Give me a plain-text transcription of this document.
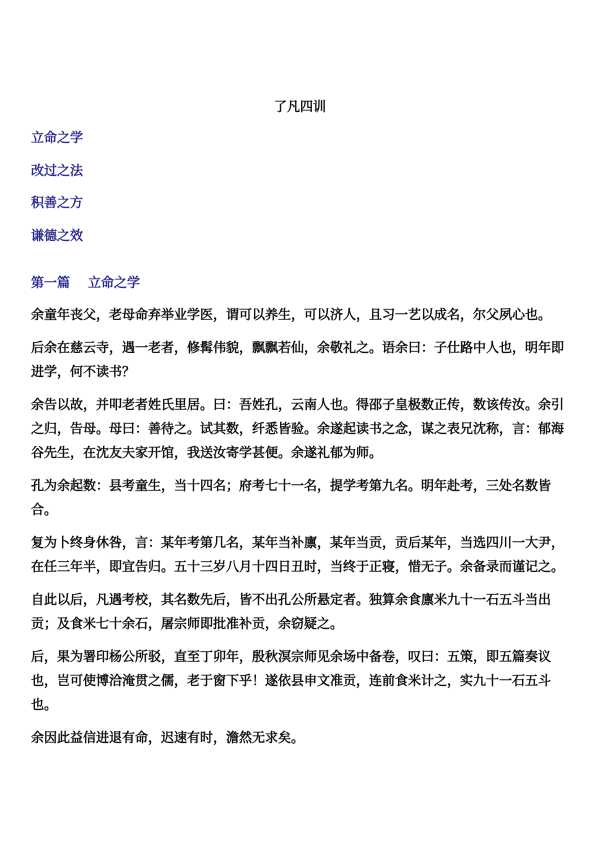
了凡四训
立命之学
改过之法
积善之方
谦德之效
第一篇 立命之学

余童年丧父，老母命弃举业学医，谓可以养生，可以济人，且习一艺以成名，尔父夙心也。

后余在慈云寺，遇一老者，修髯伟貌，飘飘若仙，余敬礼之。语余曰：子仕路中人也，明年即进学，何不读书？

余告以故，并叩老者姓氏里居。曰：吾姓孔，云南人也。得邵子皇极数正传，数该传汝。余引之归，告母。母曰：善待之。试其数，纤悉皆验。余遂起读书之念，谋之表兄沈称，言：郁海谷先生，在沈友夫家开馆，我送汝寄学甚便。余遂礼郁为师。

孔为余起数：县考童生，当十四名；府考七十一名，提学考第九名。明年赴考，三处名数皆合。

复为卜终身休咎，言：某年考第几名，某年当补廪，某年当贡，贡后某年，当选四川一大尹，在任三年半，即宜告归。五十三岁八月十四日丑时，当终于正寝，惜无子。余备录而谨记之。

自此以后，凡遇考校，其名数先后，皆不出孔公所悬定者。独算余食廪米九十一石五斗当出贡；及食米七十余石，屠宗师即批准补贡，余窃疑之。

后，果为署印杨公所驳，直至丁卯年，殷秋溟宗师见余场中备卷，叹曰：五策，即五篇奏议也，岂可使博洽淹贯之儒，老于窗下乎！遂依县申文准贡，连前食米计之，实九十一石五斗也。

余因此益信进退有命，迟速有时，澹然无求矣。
